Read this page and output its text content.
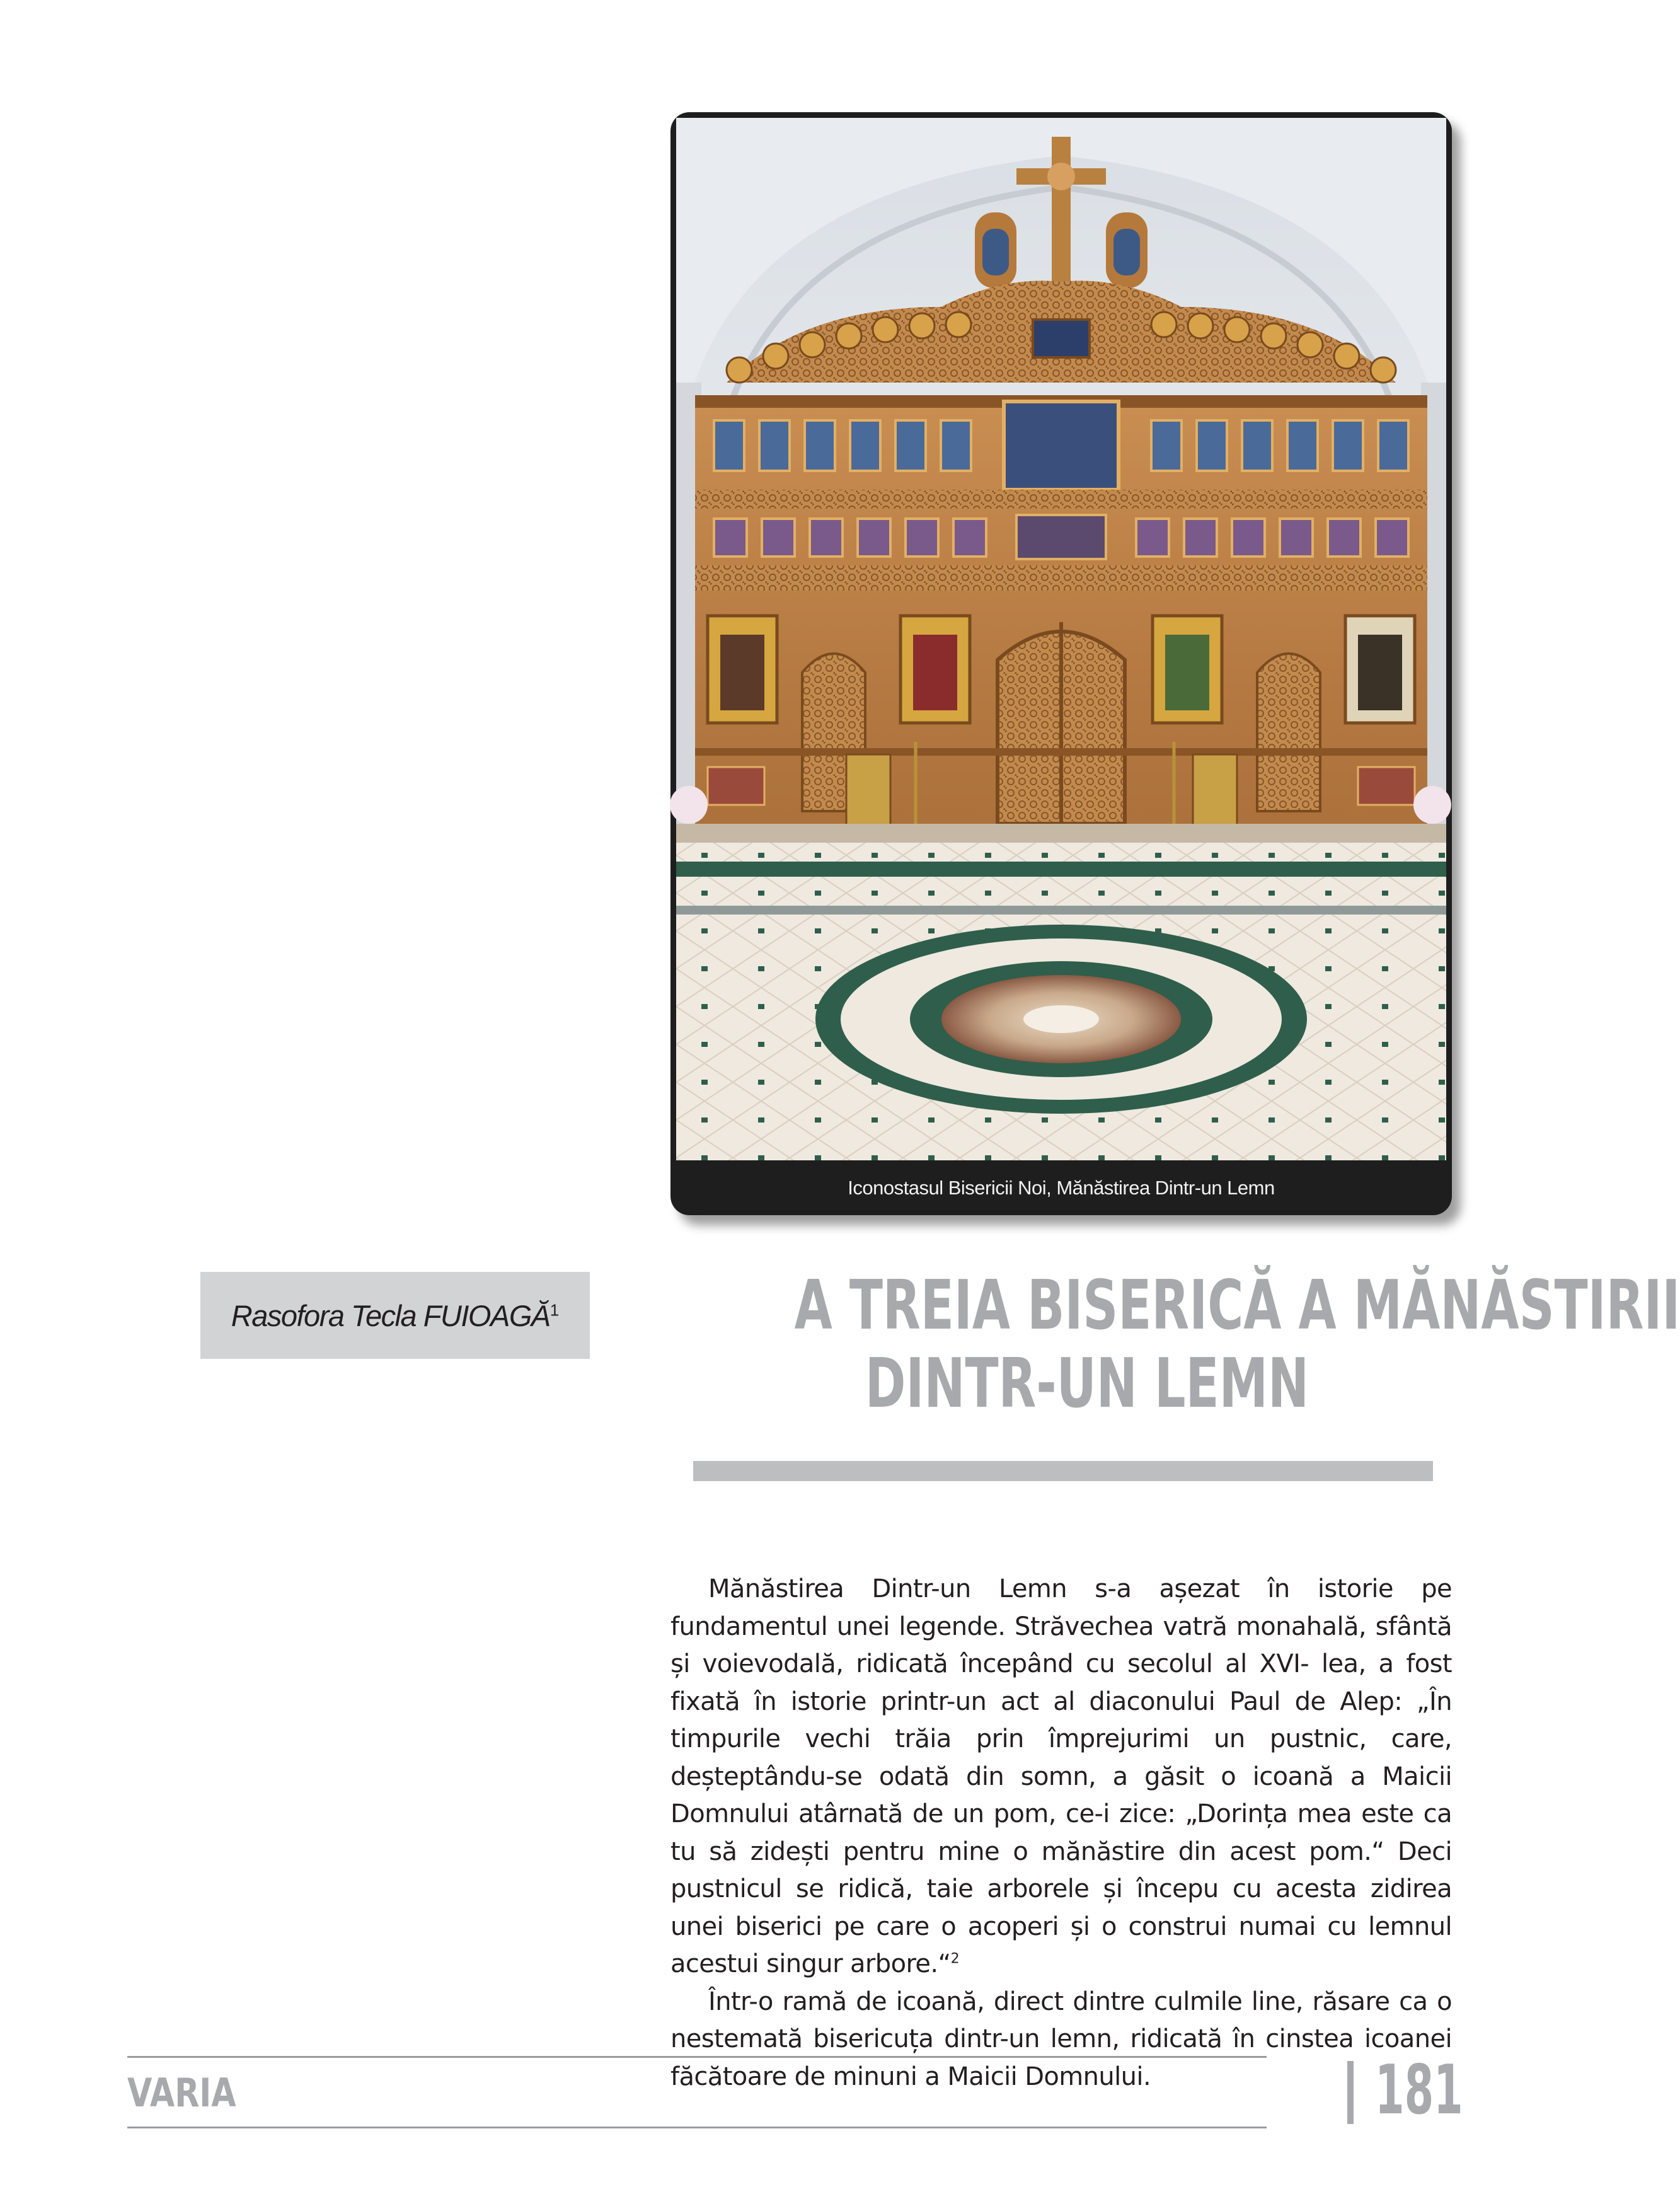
Iconostasul Bisericii Noi, Mănăstirea Dintr-un Lemn
Rasofora Tecla FUIOAGĂ$^1$	A TREIA BISERICĂ A MĂNĂSTIRII
DINTR-UN LEMN

Mănăstirea Dintr-un Lemn s-a așezat în istorie pe fundamentul unei legende. Străvechea vatră monahală, sfântă și voievodală, ridicată începând cu secolul al XVI- lea, a fost fixată în istorie printr-un act al diaconului Paul de Alep: „În timpurile vechi trăia prin împrejurimi un pustnic, care, deșteptându-se odată din somn, a găsit o icoană a Maicii Domnului atârnată de un pom, ce-i zice: „Dorința mea este ca tu să zidești pentru mine o mănăstire din acest pom.“ Deci pustnicul se ridică, taie arborele și începu cu acesta zidirea unei biserici pe care o acoperi și o construi numai cu lemnul acestui singur arbore.“$^2$

Într-o ramă de icoană, direct dintre culmile line, răsare ca o nestemată bisericuța dintr-un lemn, ridicată în cinstea icoanei făcătoare de minuni a Maicii Domnului.

VARIA	181
